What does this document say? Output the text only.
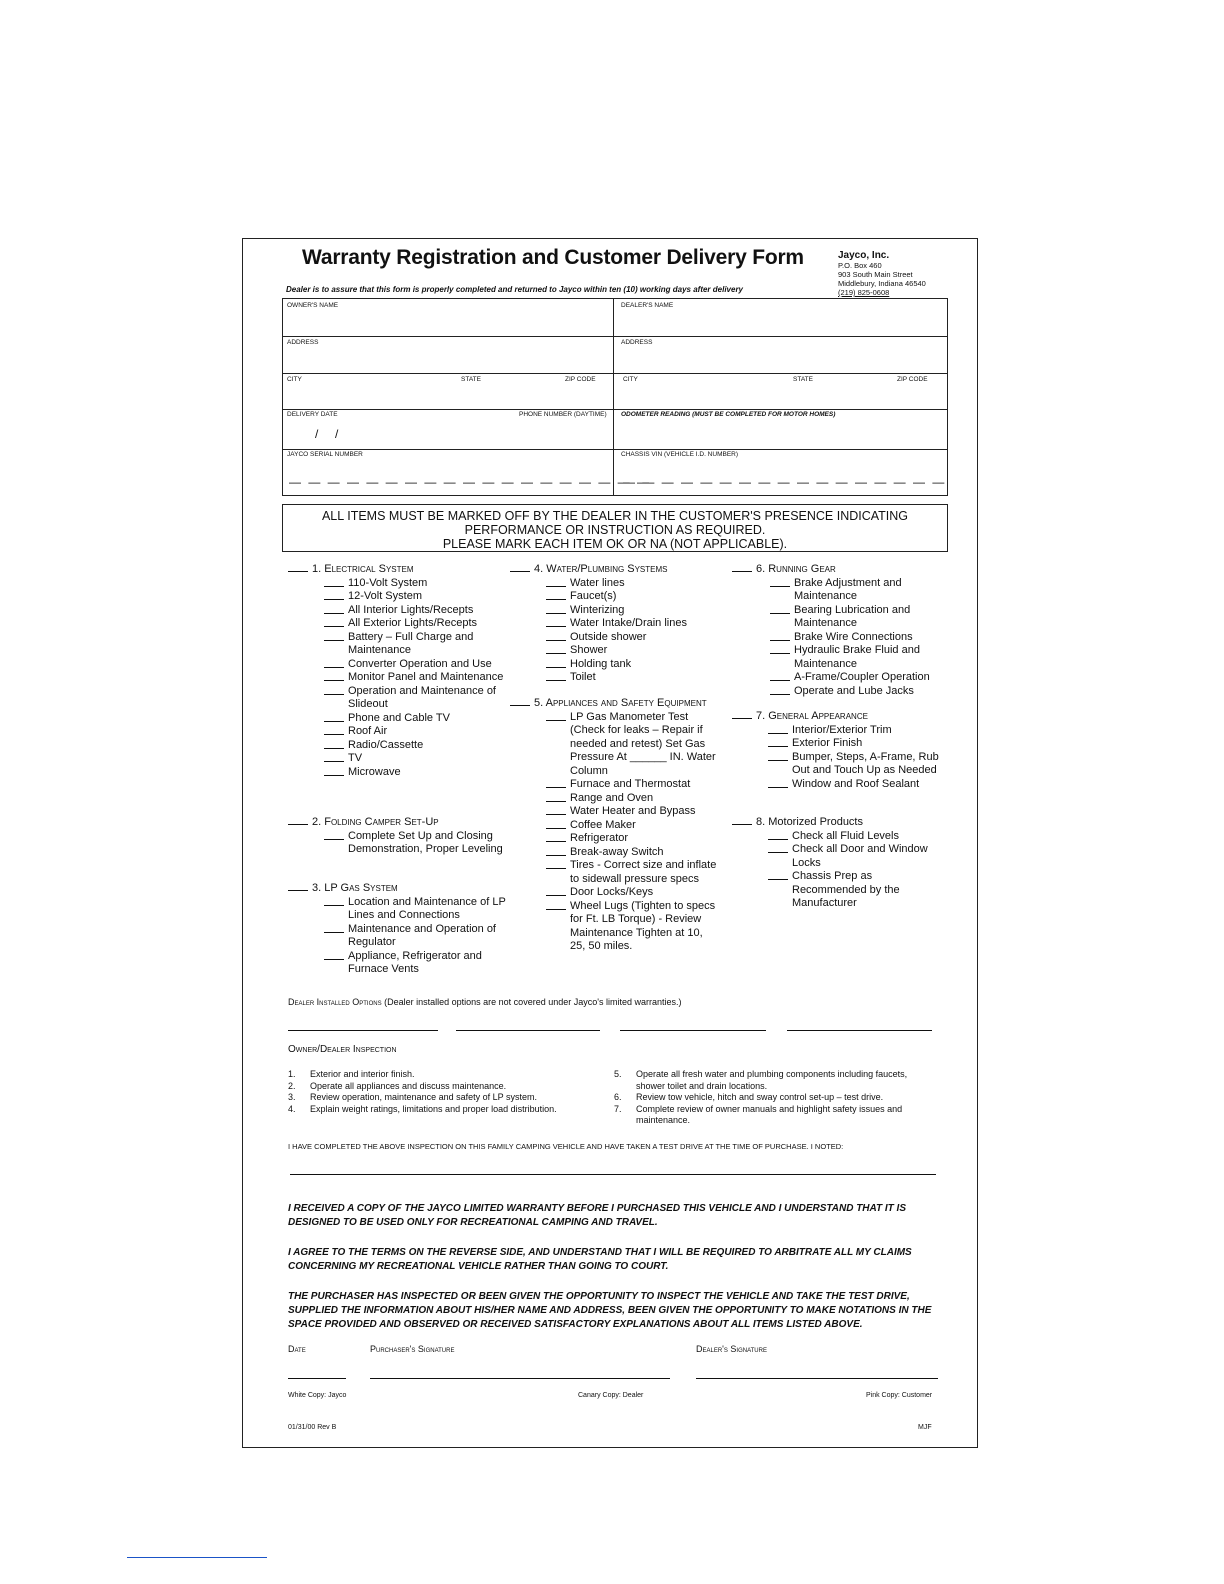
Warranty Registration and Customer Delivery Form	Jayco, Inc.
P.O. Box 460
903 South Main Street
Middlebury, Indiana 46540
(219) 825-0608
Dealer is to assure that this form is properly completed and returned to Jayco within ten (10) working days after delivery
OWNER'S NAME	DEALER'S NAME
ADDRESS	ADDRESS
CITY	STATE	ZIP CODE	CITY	STATE	ZIP CODE
DELIVERY DATE	PHONE NUMBER (DAYTIME)
/     /
ODOMETER READING (MUST BE COMPLETED FOR MOTOR HOMES)
JAYCO SERIAL NUMBER	CHASSIS VIN (VEHICLE I.D. NUMBER)
— — — — — — — — — — — — — — — — — — —
— — — — — — — — — — — — — — — — —
ALL ITEMS MUST BE MARKED OFF BY THE DEALER IN THE CUSTOMER'S PRESENCE INDICATING
PERFORMANCE OR INSTRUCTION AS REQUIRED.
PLEASE MARK EACH ITEM OK OR NA (NOT APPLICABLE).
1. Electrical System
110-Volt System
12-Volt System
All Interior Lights/Recepts
All Exterior Lights/Recepts
Battery – Full Charge and Maintenance
Converter Operation and Use
Monitor Panel and Maintenance
Operation and Maintenance of Slideout
Phone and Cable TV
Roof Air
Radio/Cassette
TV
Microwave
2. Folding Camper Set-Up
Complete Set Up and Closing Demonstration, Proper Leveling
3. LP Gas System
Location and Maintenance of LP Lines and Connections
Maintenance and Operation of Regulator
Appliance, Refrigerator and Furnace Vents
4. Water/Plumbing Systems
Water lines
Faucet(s)
Winterizing
Water Intake/Drain lines
Outside shower
Shower
Holding tank
Toilet
5. Appliances and Safety Equipment
LP Gas Manometer Test (Check for leaks – Repair if needed and retest) Set Gas Pressure At ______ IN. Water Column
Furnace and Thermostat
Range and Oven
Water Heater and Bypass
Coffee Maker
Refrigerator
Break-away Switch
Tires - Correct size and inflate to sidewall pressure specs
Door Locks/Keys
Wheel Lugs (Tighten to specs for Ft. LB Torque) - Review Maintenance Tighten at 10, 25, 50 miles.
6. Running Gear
Brake Adjustment and Maintenance
Bearing Lubrication and Maintenance
Brake Wire Connections
Hydraulic Brake Fluid and Maintenance
A-Frame/Coupler Operation
Operate and Lube Jacks
7. General Appearance
Interior/Exterior Trim
Exterior Finish
Bumper, Steps, A-Frame, Rub Out and Touch Up as Needed
Window and Roof Sealant
8. Motorized Products
Check all Fluid Levels
Check all Door and Window Locks
Chassis Prep as Recommended by the Manufacturer
Dealer Installed Options (Dealer installed options are not covered under Jayco's limited warranties.)
Owner/Dealer Inspection
1.	Exterior and interior finish.
2.	Operate all appliances and discuss maintenance.
3.	Review operation, maintenance and safety of LP system.
4.	Explain weight ratings, limitations and proper load distribution.
5.	Operate all fresh water and plumbing components including faucets, shower toilet and drain locations.
6.	Review tow vehicle, hitch and sway control set-up – test drive.
7.	Complete review of owner manuals and highlight safety issues and maintenance.
I HAVE COMPLETED THE ABOVE INSPECTION ON THIS FAMILY CAMPING VEHICLE AND HAVE TAKEN A TEST DRIVE AT THE TIME OF PURCHASE. I NOTED:
I RECEIVED A COPY OF THE JAYCO LIMITED WARRANTY BEFORE I PURCHASED THIS VEHICLE AND I UNDERSTAND THAT IT IS DESIGNED TO BE USED ONLY FOR RECREATIONAL CAMPING AND TRAVEL.
I AGREE TO THE TERMS ON THE REVERSE SIDE, AND UNDERSTAND THAT I WILL BE REQUIRED TO ARBITRATE ALL MY CLAIMS CONCERNING MY RECREATIONAL VEHICLE RATHER THAN GOING TO COURT.
THE PURCHASER HAS INSPECTED OR BEEN GIVEN THE OPPORTUNITY TO INSPECT THE VEHICLE AND TAKE THE TEST DRIVE, SUPPLIED THE INFORMATION ABOUT HIS/HER NAME AND ADDRESS, BEEN GIVEN THE OPPORTUNITY TO MAKE NOTATIONS IN THE SPACE PROVIDED AND OBSERVED OR RECEIVED SATISFACTORY EXPLANATIONS ABOUT ALL ITEMS LISTED ABOVE.
Date	Purchaser's Signature	Dealer's Signature
White Copy: Jayco	Canary Copy: Dealer	Pink Copy: Customer
01/31/00 Rev B	MJF
